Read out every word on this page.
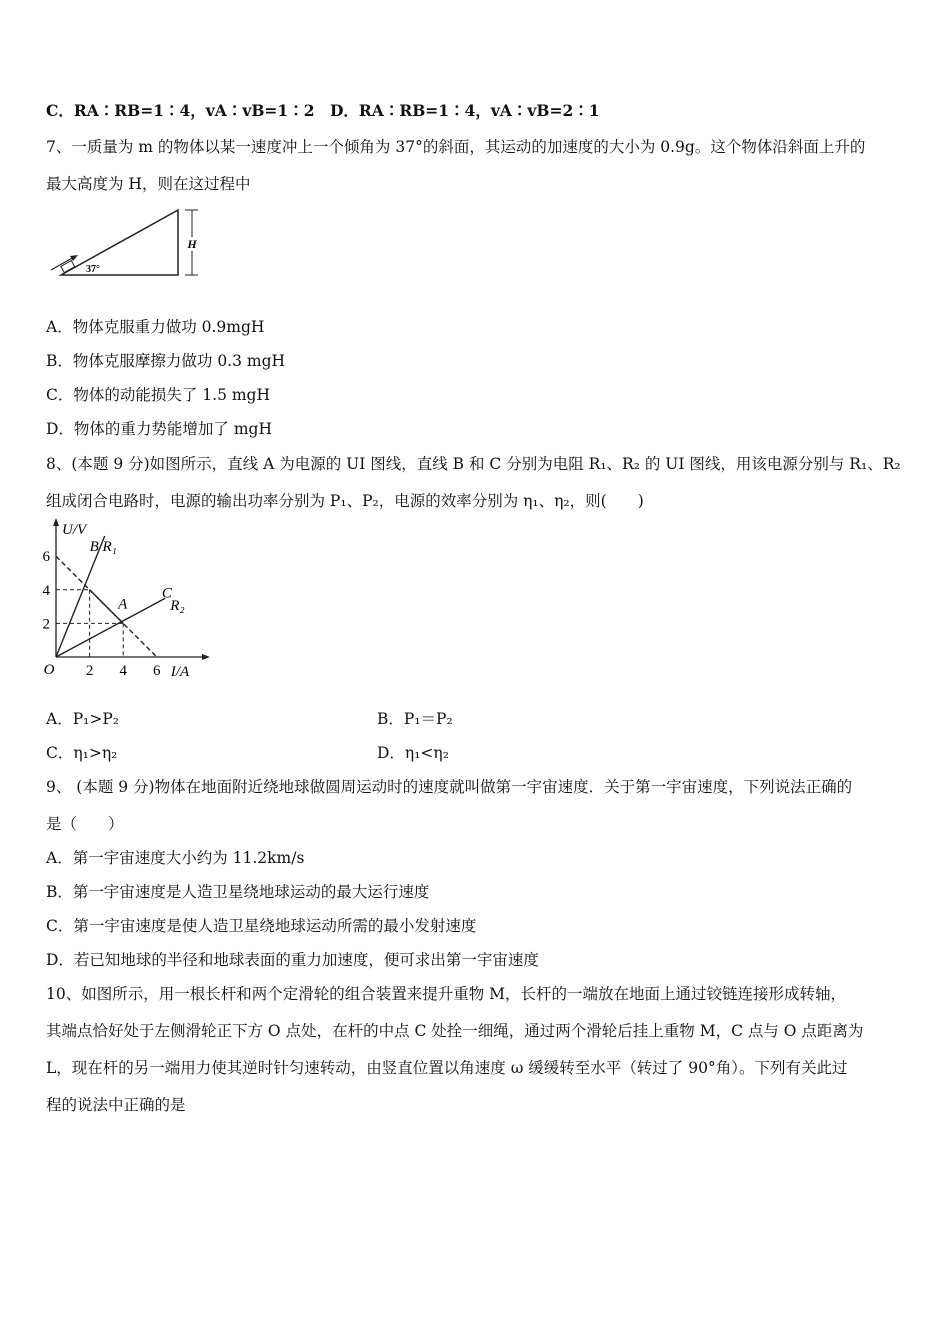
C．RA∶RB=1∶4，vA∶vB=1∶2　D．RA∶RB=1∶4，vA∶vB=2∶1
7、一质量为 m 的物体以某一速度冲上一个倾角为 37°的斜面，其运动的加速度的大小为 0.9g。这个物体沿斜面上升的
最大高度为 H，则在这过程中
H
37°
A．物体克服重力做功 0.9mgH
B．物体克服摩擦力做功 0.3 mgH
C．物体的动能损失了 1.5 mgH
D．物体的重力势能增加了 mgH
8、(本题 9 分)如图所示，直线 A 为电源的 UI 图线，直线 B 和 C 分别为电阻 R₁、R₂ 的 UI 图线，用该电源分别与 R₁、R₂
组成闭合电路时，电源的输出功率分别为 P₁、P₂，电源的效率分别为 η₁、η₂，则(　　)
2 4 6
2
4
6
I/A
U/V
O
A
B R₁
C
R₂
A．P₁>P₂	B．P₁＝P₂
C．η₁>η₂	D．η₁<η₂
9、 (本题 9 分)物体在地面附近绕地球做圆周运动时的速度就叫做第一宇宙速度．关于第一宇宙速度，下列说法正确的
是（　　）
A．第一宇宙速度大小约为 11.2km/s
B．第一宇宙速度是人造卫星绕地球运动的最大运行速度
C．第一宇宙速度是使人造卫星绕地球运动所需的最小发射速度
D．若已知地球的半径和地球表面的重力加速度，便可求出第一宇宙速度
10、如图所示，用一根长杆和两个定滑轮的组合装置来提升重物 M，长杆的一端放在地面上通过铰链连接形成转轴，
其端点恰好处于左侧滑轮正下方 O 点处，在杆的中点 C 处拴一细绳，通过两个滑轮后挂上重物 M，C 点与 O 点距离为
L，现在杆的另一端用力使其逆时针匀速转动，由竖直位置以角速度 ω 缓缓转至水平（转过了 90°角）。下列有关此过
程的说法中正确的是
